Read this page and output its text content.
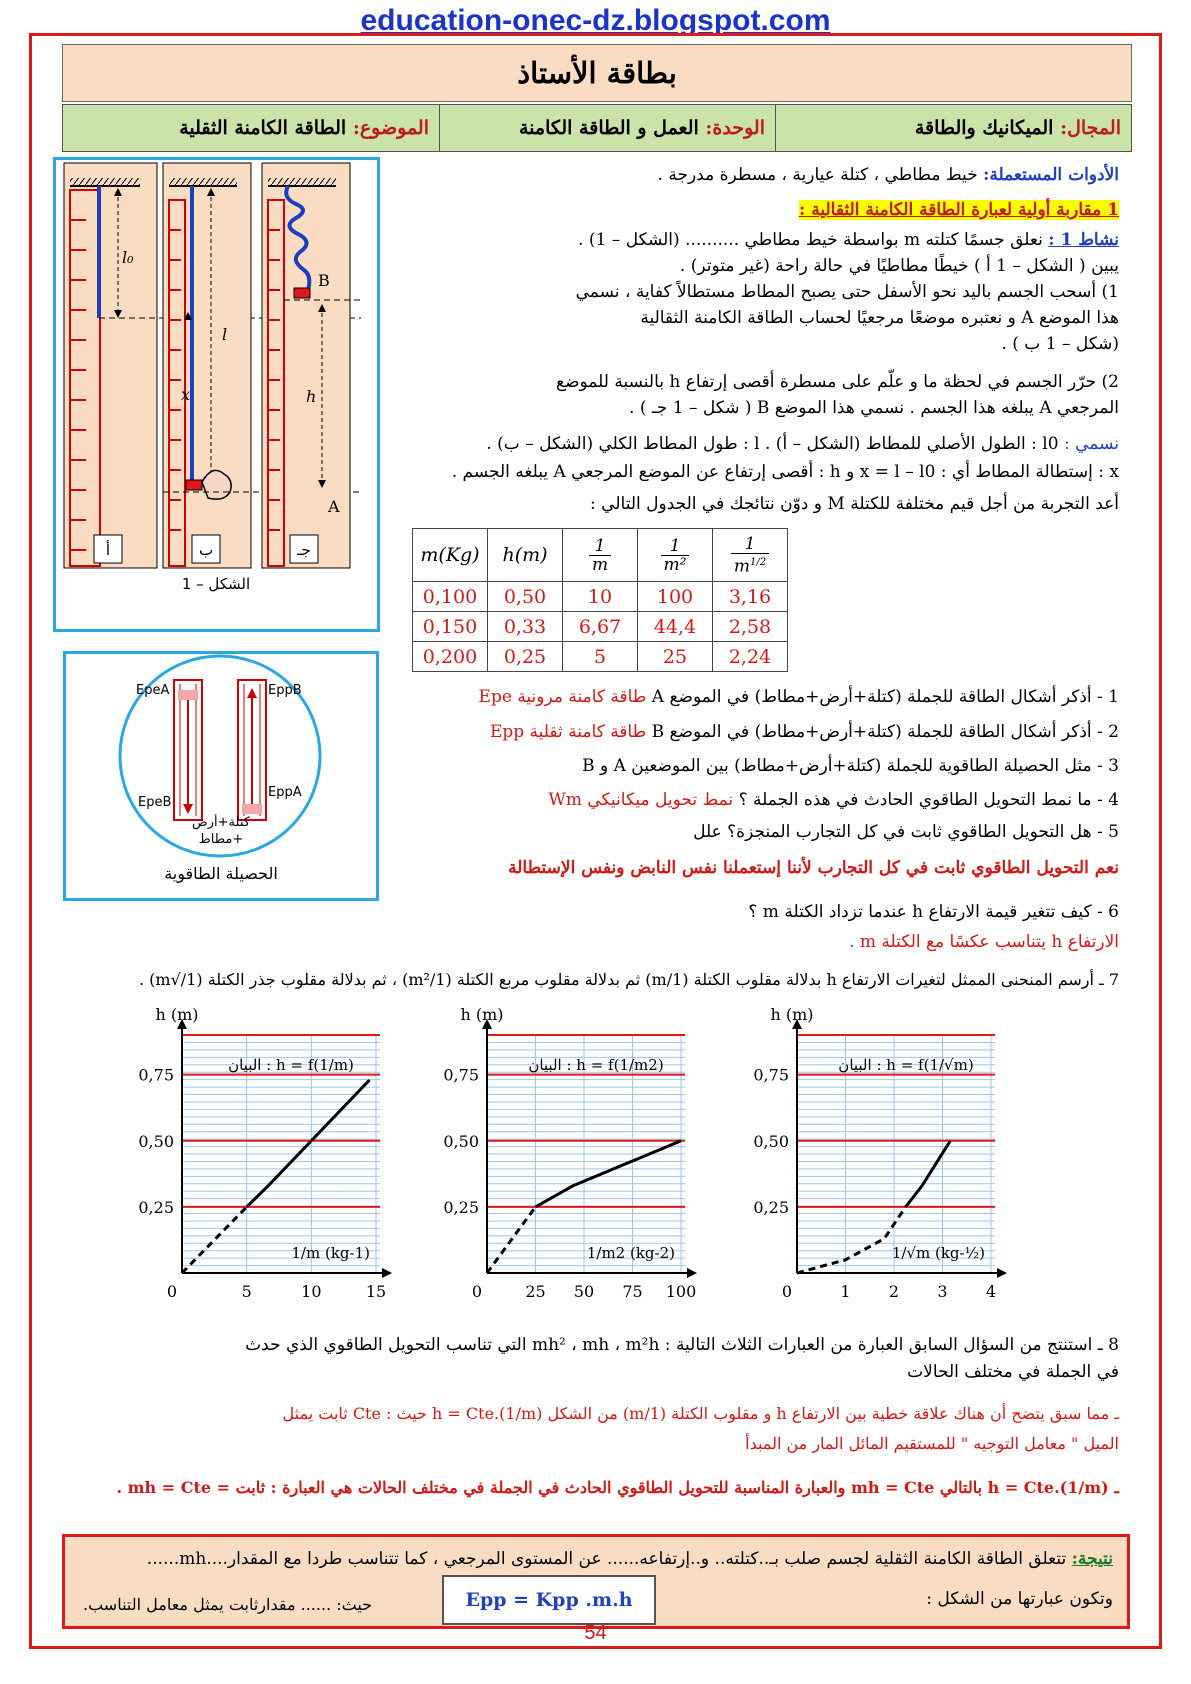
education-onec-dz.blogspot.com
بطاقة الأستاذ
المجال: الميكانيك والطاقة
الوحدة: العمل و الطاقة الكامنة
الموضوع: الطاقة الكامنة الثقلية
l₀
أ
l
x
ب
B
h
A
جـ
الشكل – 1
EpeA	EppB
EpeB
EppA
كتلة+أرض +مطاط
الحصيلة الطاقوية
الأدوات المستعملة: خيط مطاطي ، كتلة عيارية ، مسطرة مدرجة .
1 مقاربة أولية لعبارة الطاقة الكامنة الثقالية :
نشاط 1 : نعلق جسمًا كتلته m بواسطة خيط مطاطي .......... (الشكل – 1) .
يبين ( الشكل – 1 أ ) خيطًا مطاطيًا في حالة راحة (غير متوتر) .
1) أسحب الجسم باليد نحو الأسفل حتى يصبح المطاط مستطالاً كفاية ، نسمي
هذا الموضع A و نعتبره موضعًا مرجعيًا لحساب الطاقة الكامنة الثقالية
(شكل – 1 ب ) .
2) حرّر الجسم في لحظة ما و علّم على مسطرة أقصى إرتفاع h بالنسبة للموضع
المرجعي A يبلغه هذا الجسم . نسمي هذا الموضع B ( شكل – 1 جـ ) .
نسمي : l0 : الطول الأصلي للمطاط (الشكل – أ) . l : طول المطاط الكلي (الشكل – ب) .
x : إستطالة المطاط أي : x = l – l0 و h : أقصى إرتفاع عن الموضع المرجعي A يبلغه الجسم .
أعد التجربة من أجل قيم مختلفة للكتلة M و دوّن نتائجك في الجدول التالي :
m(Kg)	h(m)	$\frac{1}{m}$	$\frac{1}{\text{m²}}$	$\frac{1}{m^{1/2}}$

0,100	0,50	10	100	3,16
0,150	0,33	6,67	44,4	2,58
0,200	0,25	5	25	2,24
1 - أذكر أشكال الطاقة للجملة (كتلة+أرض+مطاط) في الموضع A طاقة كامنة مرونية Epe
2 - أذكر أشكال الطاقة للجملة (كتلة+أرض+مطاط) في الموضع B طاقة كامنة ثقلية Epp
3 - مثل الحصيلة الطاقوية للجملة (كتلة+أرض+مطاط) بين الموضعين A و B
4 - ما نمط التحويل الطاقوي الحادث في هذه الجملة ؟ نمط تحويل ميكانيكي Wm
5 - هل التحويل الطاقوي ثابت في كل التجارب المنجزة؟ علل
نعم التحويل الطاقوي ثابت في كل التجارب لأننا إستعملنا نفس النابض ونفس الإستطالة
6 - كيف تتغير قيمة الارتفاع h عندما تزداد الكتلة m ؟
الارتفاع h يتناسب عكسًا مع الكتلة m .
7 ـ أرسم المنحنى الممثل لتغيرات الارتفاع h بدلالة مقلوب الكتلة (1/m) ثم بدلالة مقلوب مربع الكتلة (1/m²) ، ثم بدلالة مقلوب جذر الكتلة (1/√m) .
h (m)
0,25
0,50
0,75
0	5	10	15
البيان : h = f(1/m)
1/m (kg-1)
h (m)
0,25
0,50
0,75
0	25 50 75 100
البيان : h = f(1/m2)
1/m2 (kg-2)
h (m)
0,25
0,50
0,75
0	1 2 3 4
البيان : h = f(1/√m)
1/√m (kg-½)
8 ـ استنتج من السؤال السابق العبارة من العبارات الثلاث التالية : mh² ، mh ، m²h التي تناسب التحويل الطاقوي الذي حدث
في الجملة في مختلف الحالات
ـ مما سبق يتضح أن هناك علاقة خطية بين الارتفاع h و مقلوب الكتلة (1/m) من الشكل h = Cte.(1/m) حيث : Cte ثابت يمثل
الميل " معامل التوجيه " للمستقيم المائل المار من المبدأ
ـ h = Cte.(1/m) بالتالي mh = Cte والعبارة المناسبة للتحويل الطاقوي الحادث في الجملة في مختلف الحالات هي العبارة : ثابت = mh = Cte .
نتيجة: تتعلق الطاقة الكامنة الثقلية لجسم صلب بـ..كتلته.. و..إرتفاعه...... عن المستوى المرجعي ، كما تتناسب طردا مع المقدار....mh......
وتكون عبارتها من الشكل :
Epp = Kpp .m.h
حيث: ...... مقدارثابت يمثل معامل التناسب.
54
